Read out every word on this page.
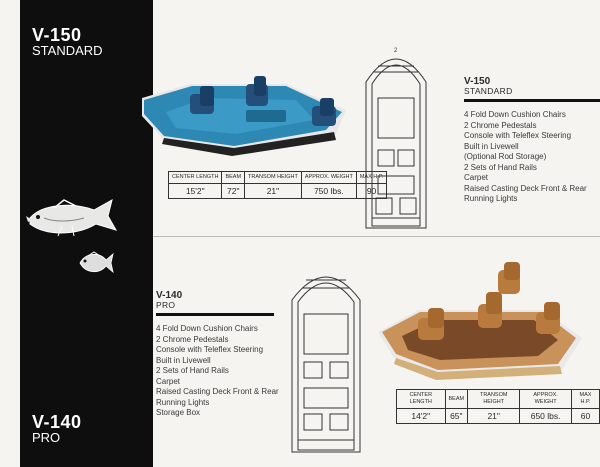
V-150
STANDARD
V-140
PRO
2
V-150
STANDARD
4 Fold Down Cushion Chairs
2 Chrome Pedestals
Console with Teleflex Steering
Built in Livewell
(Optional Rod Storage)
2 Sets of Hand Rails
Carpet
Raised Casting Deck Front & Rear
Running Lights
CENTER LENGTH	BEAM	TRANSOM HEIGHT	APPROX. WEIGHT	MAX H.P.
15'2"	72"	21"	750 lbs.	90
V-140
PRO
4 Fold Down Cushion Chairs
2 Chrome Pedestals
Console with Teleflex Steering
Built in Livewell
2 Sets of Hand Rails
Carpet
Raised Casting Deck Front & Rear
Running Lights
Storage Box
CENTER LENGTH	BEAM	TRANSOM HEIGHT	APPROX. WEIGHT	MAX H.P.
14'2"	65"	21"	650 lbs.	60
